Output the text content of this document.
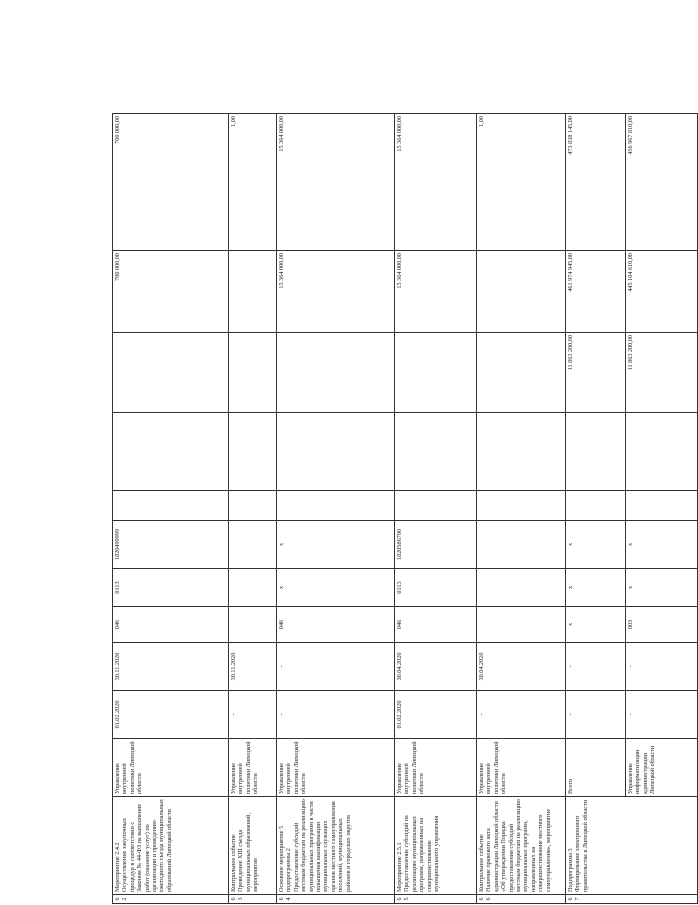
62	Мероприятие 2.4.2
Осуществление закупочных процедур в соответствии с Законом № 44-ФЗ на выполнение работ (оказание услуг) по организации и проведению ежегодного съезда муниципальных образований Липецкой области	Управление внутренней политики Липецкой области	01.02.2020	30.11.2020	046	0113	1820499999				700 000,00	700 000,00
63	Контрольное событие
Проведение XIII съезда муниципальных образований, мероприятие	Управление внутренней политики Липецкой области	-	30.11.2020								1,00
64	Основное мероприятие 5 подпрограммы 2
Предоставление субсидий местным бюджетам на реализацию муниципальных программ в части повышения квалификации муниципальных служащих органов местного самоуправления поселений, муниципальных районов и городских округов	Управление внутренней политики Липецкой области	-	-	046	x	x				15 364 000,00	15 364 000,00
65	Мероприятие 2.5.1
Предоставление субсидий на реализацию муниципальных программ, направленных на совершенствование муниципального управления	Управление внутренней политики Липецкой области	01.02.2020	30.04.2020	046	0113	1820586790				15 364 000,00	15 364 000,00
66	Контрольное событие
Наличие правового акта администрации Липецкой области «Об утверждении Порядка предоставления субсидий местным бюджетам на реализацию муниципальных программ, направленных на совершенствование местного самоуправления», мероприятие	Управление внутренней политики Липецкой области	-	30.04.2020								1,00
67	Подпрограмма 3
Формирование электронного правительства в Липецкой области	Всего	-	-	x	x	x			11 863 200,00	461 974 945,00	473 838 145,00
		Управление информатизации администрации Липецкой области	-	-	003	x	x			11 863 200,00	445 104 610,00	456 967 810,00
